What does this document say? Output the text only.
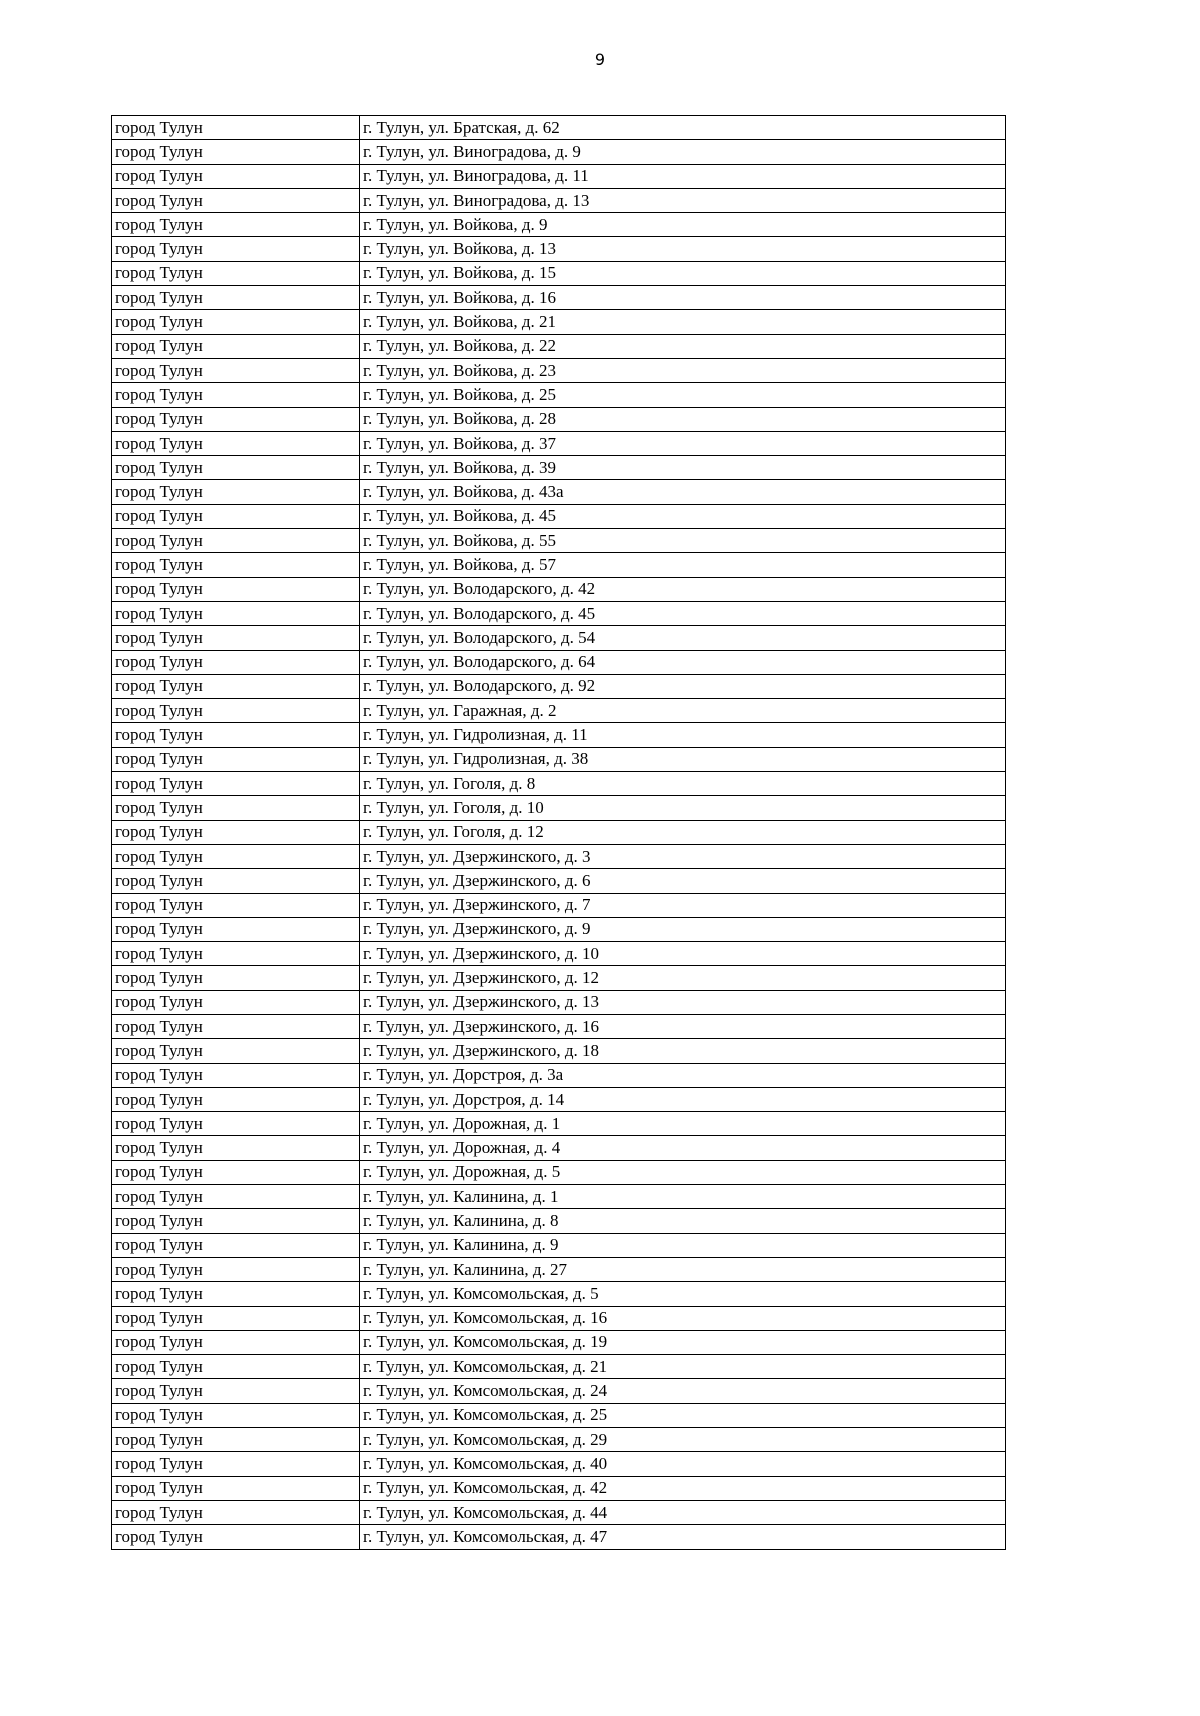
9
город Тулун	г. Тулун, ул. Братская, д. 62
город Тулун	г. Тулун, ул. Виноградова, д. 9
город Тулун	г. Тулун, ул. Виноградова, д. 11
город Тулун	г. Тулун, ул. Виноградова, д. 13
город Тулун	г. Тулун, ул. Войкова, д. 9
город Тулун	г. Тулун, ул. Войкова, д. 13
город Тулун	г. Тулун, ул. Войкова, д. 15
город Тулун	г. Тулун, ул. Войкова, д. 16
город Тулун	г. Тулун, ул. Войкова, д. 21
город Тулун	г. Тулун, ул. Войкова, д. 22
город Тулун	г. Тулун, ул. Войкова, д. 23
город Тулун	г. Тулун, ул. Войкова, д. 25
город Тулун	г. Тулун, ул. Войкова, д. 28
город Тулун	г. Тулун, ул. Войкова, д. 37
город Тулун	г. Тулун, ул. Войкова, д. 39
город Тулун	г. Тулун, ул. Войкова, д. 43а
город Тулун	г. Тулун, ул. Войкова, д. 45
город Тулун	г. Тулун, ул. Войкова, д. 55
город Тулун	г. Тулун, ул. Войкова, д. 57
город Тулун	г. Тулун, ул. Володарского, д. 42
город Тулун	г. Тулун, ул. Володарского, д. 45
город Тулун	г. Тулун, ул. Володарского, д. 54
город Тулун	г. Тулун, ул. Володарского, д. 64
город Тулун	г. Тулун, ул. Володарского, д. 92
город Тулун	г. Тулун, ул. Гаражная, д. 2
город Тулун	г. Тулун, ул. Гидролизная, д. 11
город Тулун	г. Тулун, ул. Гидролизная, д. 38
город Тулун	г. Тулун, ул. Гоголя, д. 8
город Тулун	г. Тулун, ул. Гоголя, д. 10
город Тулун	г. Тулун, ул. Гоголя, д. 12
город Тулун	г. Тулун, ул. Дзержинского, д. 3
город Тулун	г. Тулун, ул. Дзержинского, д. 6
город Тулун	г. Тулун, ул. Дзержинского, д. 7
город Тулун	г. Тулун, ул. Дзержинского, д. 9
город Тулун	г. Тулун, ул. Дзержинского, д. 10
город Тулун	г. Тулун, ул. Дзержинского, д. 12
город Тулун	г. Тулун, ул. Дзержинского, д. 13
город Тулун	г. Тулун, ул. Дзержинского, д. 16
город Тулун	г. Тулун, ул. Дзержинского, д. 18
город Тулун	г. Тулун, ул. Дорстроя, д. 3а
город Тулун	г. Тулун, ул. Дорстроя, д. 14
город Тулун	г. Тулун, ул. Дорожная, д. 1
город Тулун	г. Тулун, ул. Дорожная, д. 4
город Тулун	г. Тулун, ул. Дорожная, д. 5
город Тулун	г. Тулун, ул. Калинина, д. 1
город Тулун	г. Тулун, ул. Калинина, д. 8
город Тулун	г. Тулун, ул. Калинина, д. 9
город Тулун	г. Тулун, ул. Калинина, д. 27
город Тулун	г. Тулун, ул. Комсомольская, д. 5
город Тулун	г. Тулун, ул. Комсомольская, д. 16
город Тулун	г. Тулун, ул. Комсомольская, д. 19
город Тулун	г. Тулун, ул. Комсомольская, д. 21
город Тулун	г. Тулун, ул. Комсомольская, д. 24
город Тулун	г. Тулун, ул. Комсомольская, д. 25
город Тулун	г. Тулун, ул. Комсомольская, д. 29
город Тулун	г. Тулун, ул. Комсомольская, д. 40
город Тулун	г. Тулун, ул. Комсомольская, д. 42
город Тулун	г. Тулун, ул. Комсомольская, д. 44
город Тулун	г. Тулун, ул. Комсомольская, д. 47
